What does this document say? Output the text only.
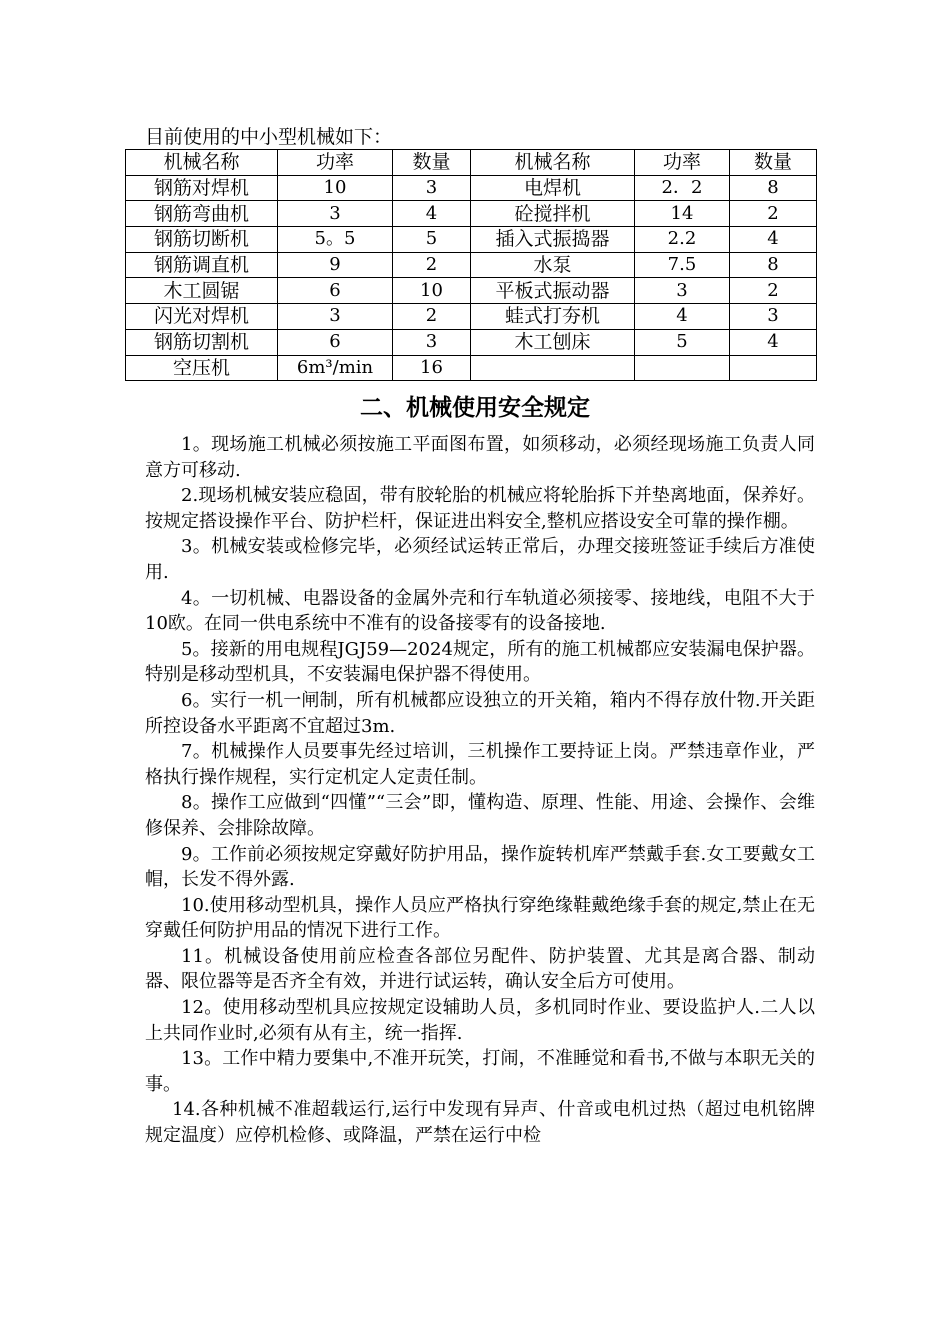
目前使用的中小型机械如下：
机械名称	功率	数量	机械名称	功率	数量
钢筋对焊机	10	3	电焊机	2．2	8
钢筋弯曲机	3	4	砼搅拌机	14	2
钢筋切断机	5。5	5	插入式振捣器	2.2	4
钢筋调直机	9	2	水泵	7.5	8
木工圆锯	6	10	平板式振动器	3	2
闪光对焊机	3	2	蛙式打夯机	4	3
钢筋切割机	6	3	木工刨床	5	4
空压机	6m³/min	16			
二、机械使用安全规定

1。现场施工机械必须按施工平面图布置，如须移动，必须经现场施工负责人同意方可移动.

2.现场机械安装应稳固，带有胶轮胎的机械应将轮胎拆下并垫离地面，保养好。按规定搭设操作平台、防护栏杆，保证进出料安全,整机应搭设安全可靠的操作棚。

3。机械安装或检修完毕，必须经试运转正常后，办理交接班签证手续后方准使用.

4。一切机械、电器设备的金属外壳和行车轨道必须接零、接地线，电阻不大于10欧。在同一供电系统中不准有的设备接零有的设备接地.

5。接新的用电规程JGJ59—2024规定，所有的施工机械都应安装漏电保护器。特别是移动型机具，不安装漏电保护器不得使用。

6。实行一机一闸制，所有机械都应设独立的开关箱，箱内不得存放什物.开关距所控设备水平距离不宜超过3m.

7。机械操作人员要事先经过培训，三机操作工要持证上岗。严禁违章作业，严格执行操作规程，实行定机定人定责任制。

8。操作工应做到“四懂”“三会”即，懂构造、原理、性能、用途、会操作、会维修保养、会排除故障。

9。工作前必须按规定穿戴好防护用品，操作旋转机库严禁戴手套.女工要戴女工帽，长发不得外露.

10.使用移动型机具，操作人员应严格执行穿绝缘鞋戴绝缘手套的规定,禁止在无穿戴任何防护用品的情况下进行工作。

11。机械设备使用前应检查各部位另配件、防护装置、尤其是离合器、制动器、限位器等是否齐全有效，并进行试运转，确认安全后方可使用。

12。使用移动型机具应按规定设辅助人员，多机同时作业、要设监护人.二人以上共同作业时,必须有从有主，统一指挥.

13。工作中精力要集中,不准开玩笑，打闹，不准睡觉和看书,不做与本职无关的事。

14.各种机械不准超载运行,运行中发现有异声、什音或电机过热（超过电机铭牌规定温度）应停机检修、或降温，严禁在运行中检
